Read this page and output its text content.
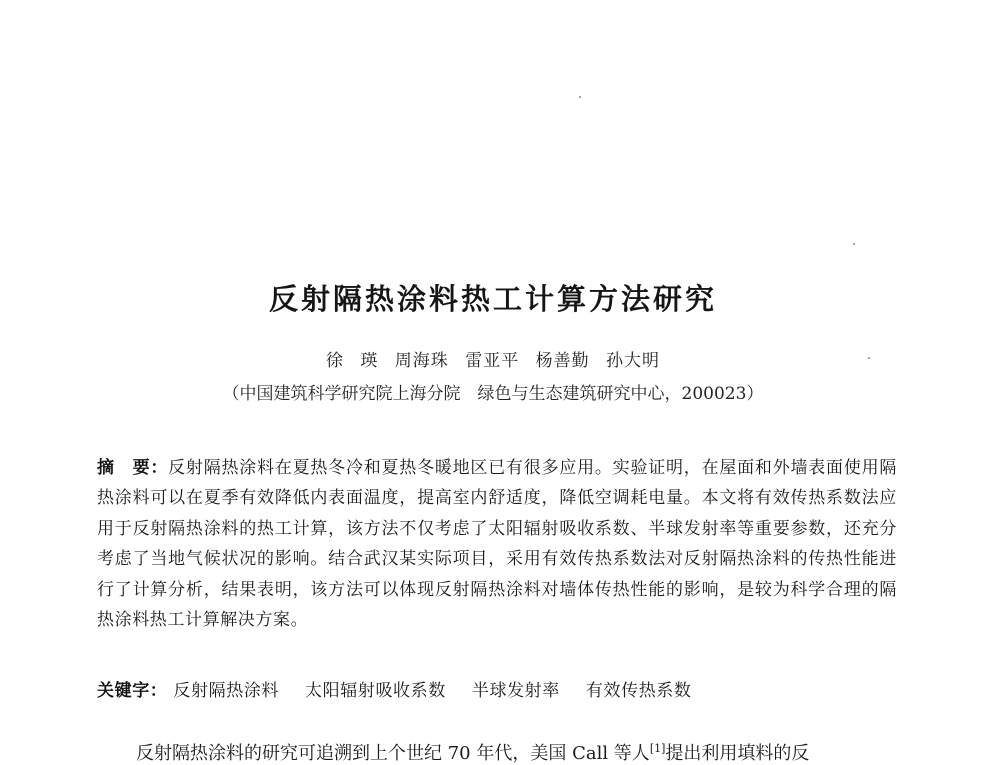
反射隔热涂料热工计算方法研究
徐 瑛 周海珠 雷亚平 杨善勤 孙大明
（中国建筑科学研究院上海分院　绿色与生态建筑研究中心，200023）
摘　要：反射隔热涂料在夏热冬冷和夏热冬暖地区已有很多应用。实验证明，在屋面和外墙表面使用隔热涂料可以在夏季有效降低内表面温度，提高室内舒适度，降低空调耗电量。本文将有效传热系数法应用于反射隔热涂料的热工计算，该方法不仅考虑了太阳辐射吸收系数、半球发射率等重要参数，还充分考虑了当地气候状况的影响。结合武汉某实际项目，采用有效传热系数法对反射隔热涂料的传热性能进行了计算分析，结果表明，该方法可以体现反射隔热涂料对墙体传热性能的影响，是较为科学合理的隔热涂料热工计算解决方案。
关键字： 反射隔热涂料 太阳辐射吸收系数 半球发射率 有效传热系数
反射隔热涂料的研究可追溯到上个世纪 70 年代，美国 Call 等人[1]提出利用填料的反
